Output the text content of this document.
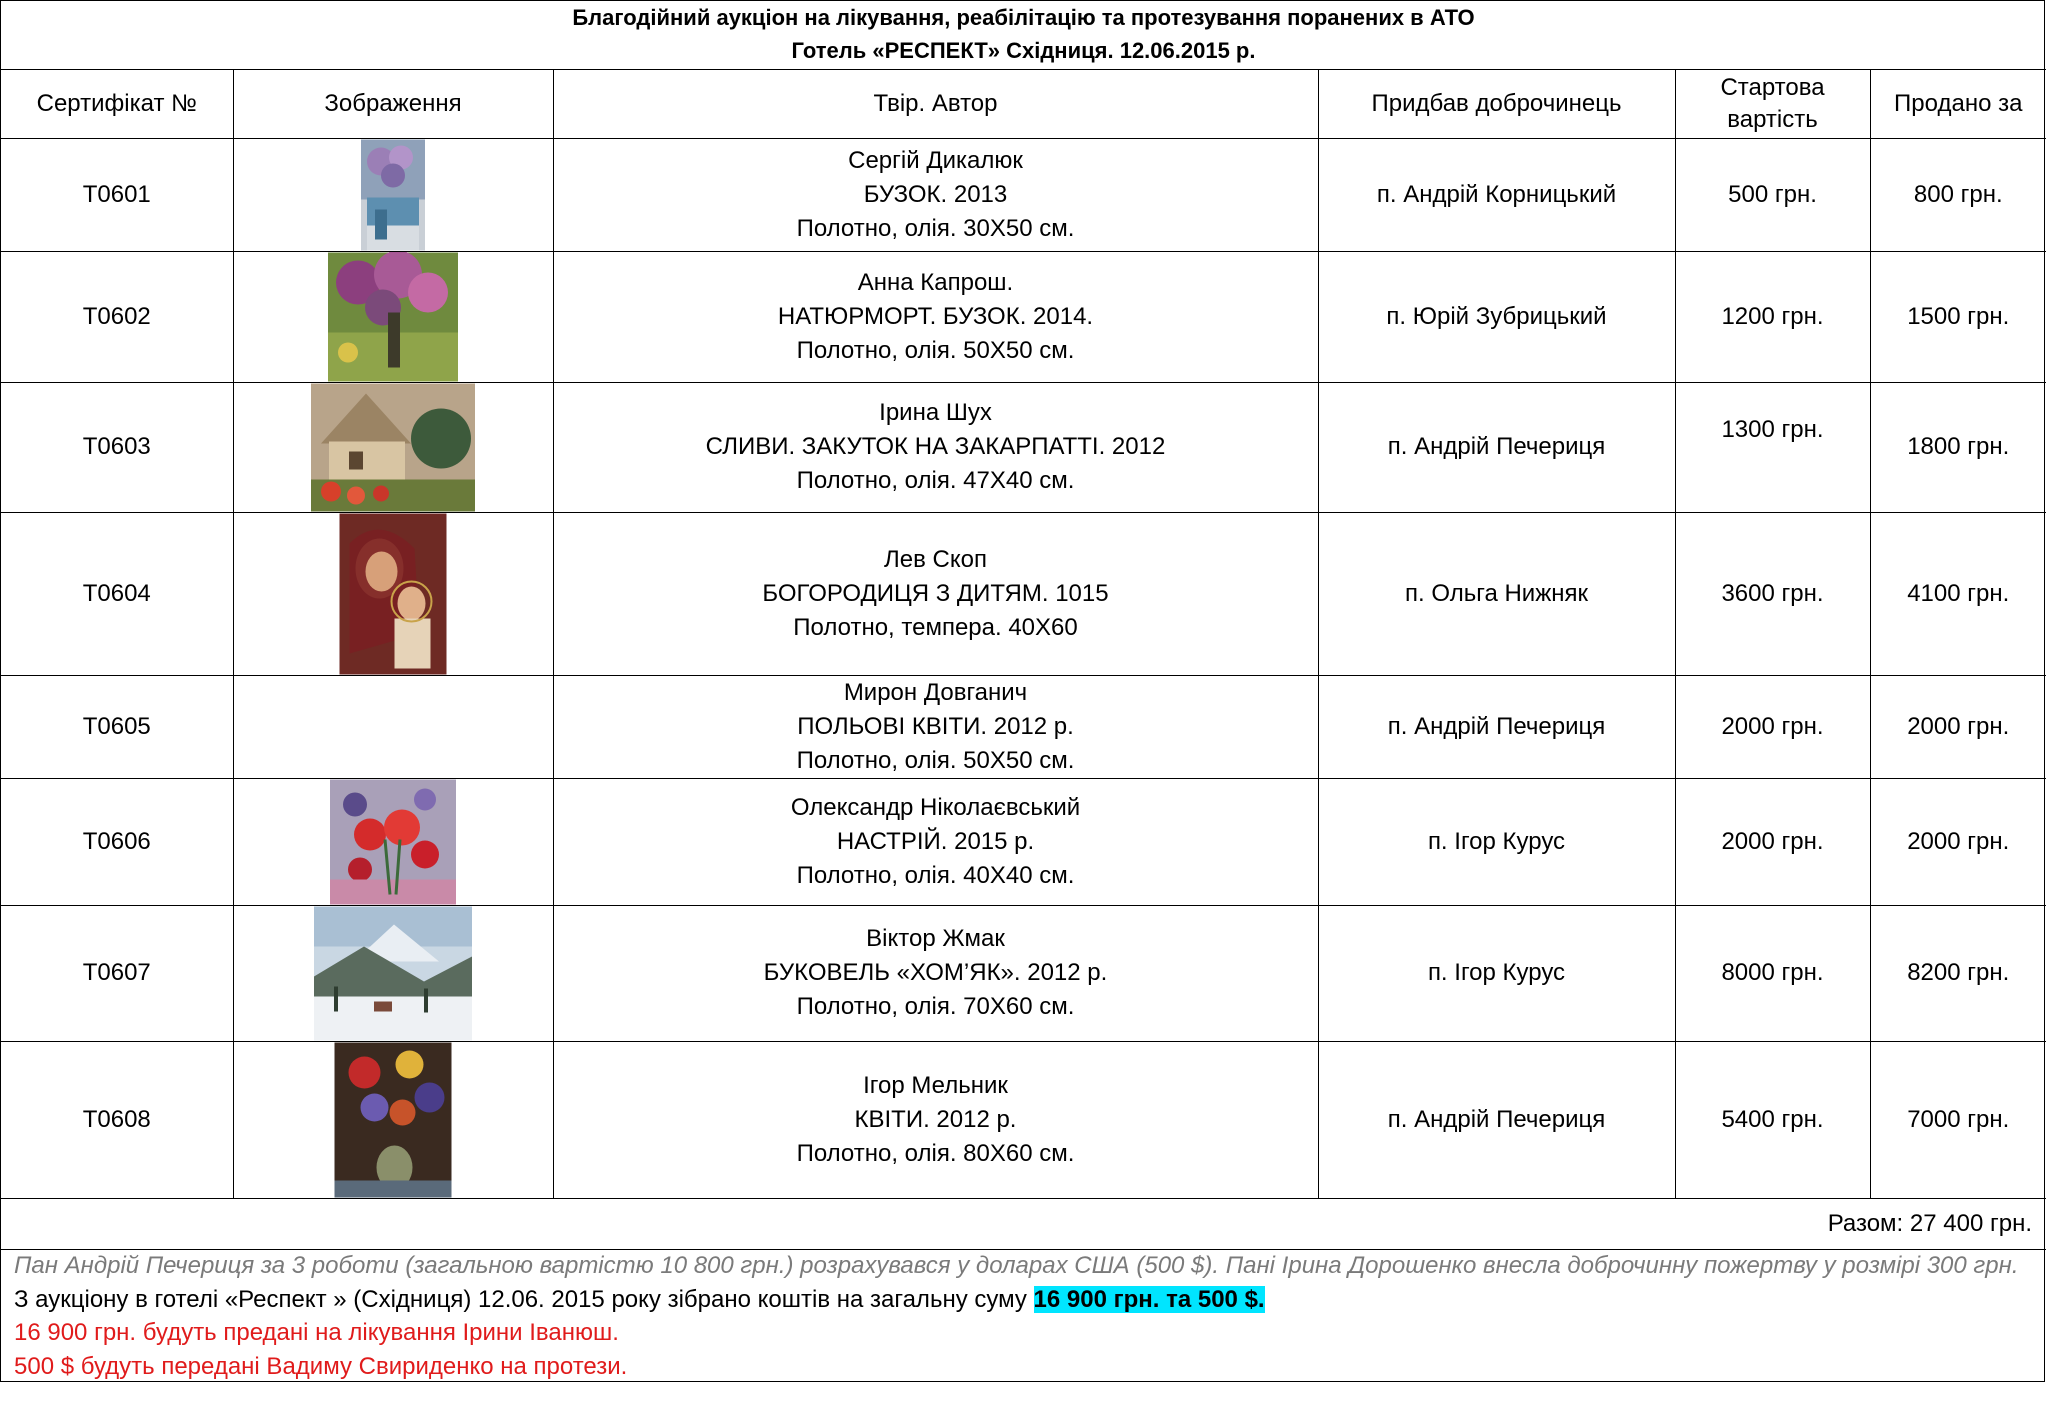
Благодійний аукціон на лікування, реабілітацію та протезування поранених в АТО
Готель «РЕСПЕКТ» Східниця. 12.06.2015 р.
Сертифікат №	Зображення	Твір. Автор	Придбав доброчинець	Стартова
вартість	Продано за
Т0601		Сергій Дикалюк
БУЗОК. 2013
Полотно, олія. 30Х50 см.	п. Андрій Корницький	500 грн.	800 грн.
Т0602		Анна Капрош.
НАТЮРМОРТ. БУЗОК. 2014.
Полотно, олія. 50Х50 см.	п. Юрій Зубрицький	1200 грн.	1500 грн.
Т0603		Ірина Шух
СЛИВИ. ЗАКУТОК НА ЗАКАРПАТТІ. 2012
Полотно, олія. 47Х40 см.	п. Андрій Печериця	1300 грн.	1800 грн.
Т0604		Лев Скоп
БОГОРОДИЦЯ З ДИТЯМ. 1015
Полотно, темпера. 40Х60	п. Ольга Нижняк	3600 грн.	4100 грн.
Т0605		Мирон Довганич
ПОЛЬОВІ КВІТИ. 2012 р.
Полотно, олія. 50Х50 см.	п. Андрій Печериця	2000 грн.	2000 грн.
Т0606		Олександр Ніколаєвський
НАСТРІЙ. 2015 р.
Полотно, олія. 40Х40 см.	п. Ігор Курус	2000 грн.	2000 грн.
Т0607		Віктор Жмак
БУКОВЕЛЬ «ХОМ’ЯК». 2012 р.
Полотно, олія. 70Х60 см.	п. Ігор Курус	8000 грн.	8200 грн.
Т0608		Ігор Мельник
КВІТИ. 2012 р.
Полотно, олія. 80Х60 см.	п. Андрій Печериця	5400 грн.	7000 грн.
Разом: 27 400 грн.					
Пан Андрій Печериця за 3 роботи (загальною вартістю 10 800 грн.) розрахувався у доларах США (500 $). Пані Ірина Дорошенко внесла доброчинну пожертву у розмірі 300 грн.
З аукціону в готелі «Респект » (Східниця) 12.06. 2015 року зібрано коштів на загальну суму 16 900 грн. та 500 $.
16 900 грн. будуть предані на лікування Ірини Іванюш.
500 $ будуть передані Вадиму Свириденко на протези.
